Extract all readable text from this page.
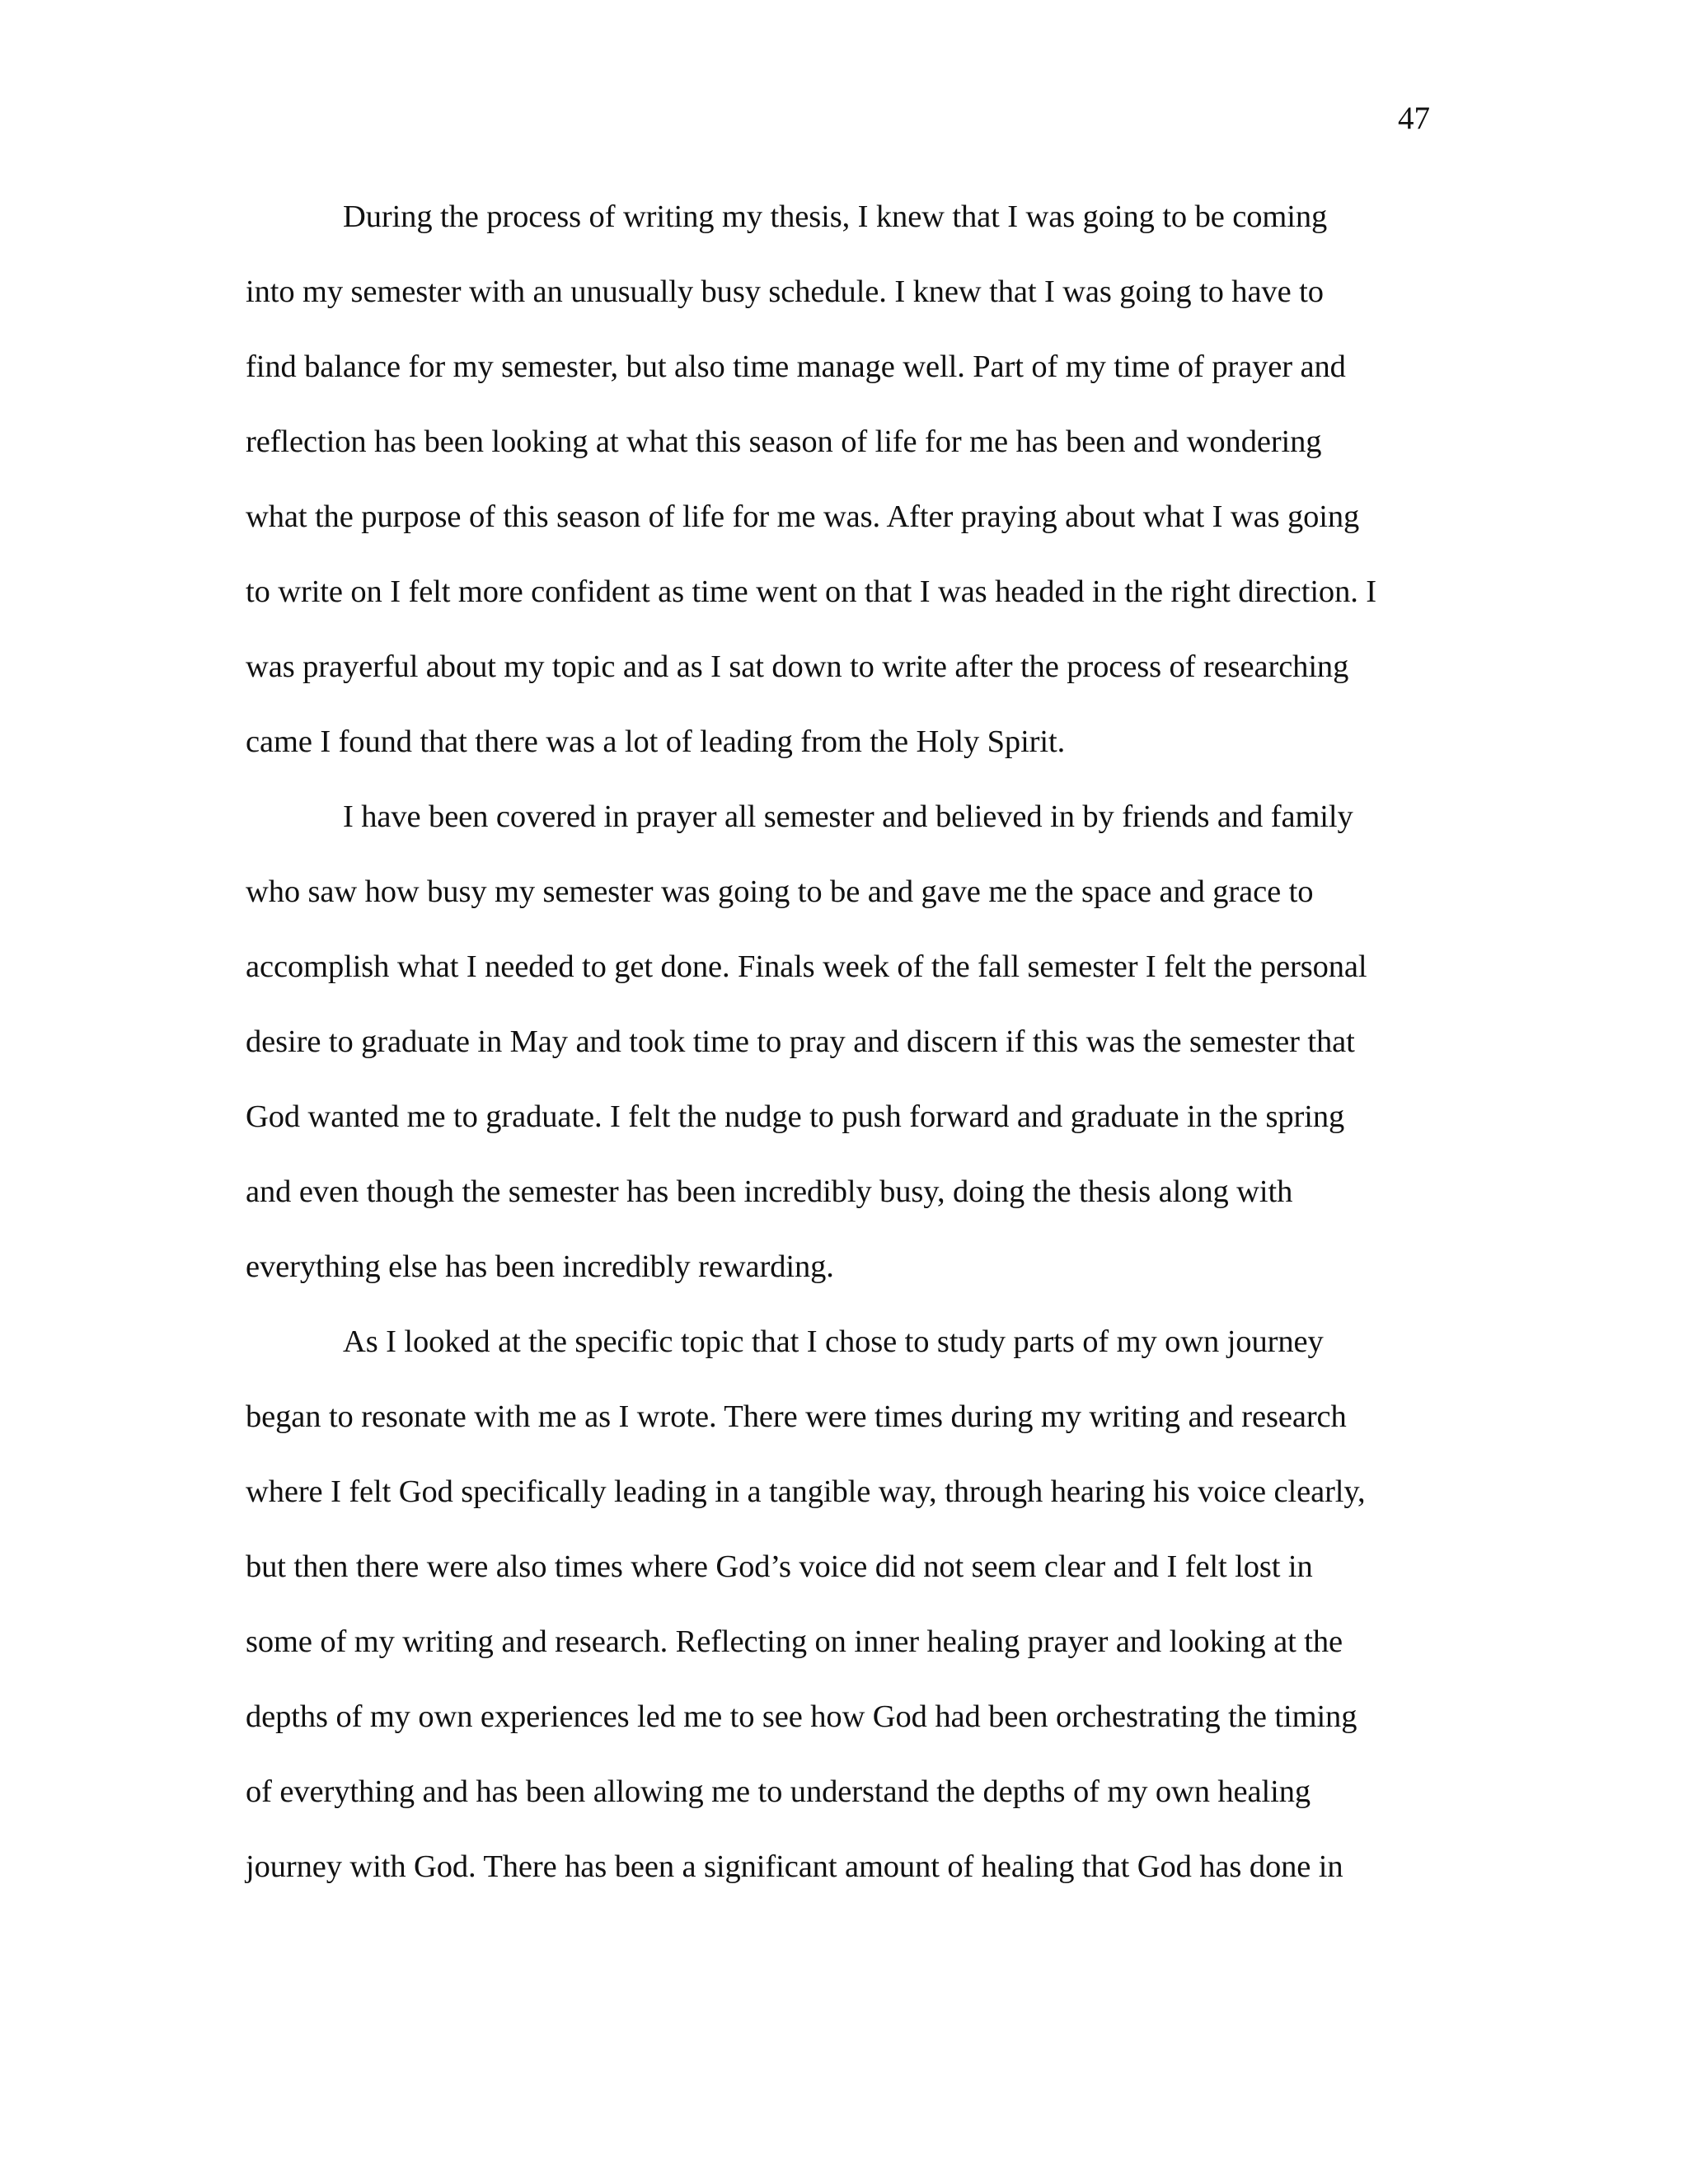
47
During the process of writing my thesis, I knew that I was going to be coming
into my semester with an unusually busy schedule. I knew that I was going to have to
find balance for my semester, but also time manage well. Part of my time of prayer and
reflection has been looking at what this season of life for me has been and wondering
what the purpose of this season of life for me was. After praying about what I was going
to write on I felt more confident as time went on that I was headed in the right direction. I
was prayerful about my topic and as I sat down to write after the process of researching
came I found that there was a lot of leading from the Holy Spirit.
I have been covered in prayer all semester and believed in by friends and family
who saw how busy my semester was going to be and gave me the space and grace to
accomplish what I needed to get done. Finals week of the fall semester I felt the personal
desire to graduate in May and took time to pray and discern if this was the semester that
God wanted me to graduate. I felt the nudge to push forward and graduate in the spring
and even though the semester has been incredibly busy, doing the thesis along with
everything else has been incredibly rewarding.
As I looked at the specific topic that I chose to study parts of my own journey
began to resonate with me as I wrote. There were times during my writing and research
where I felt God specifically leading in a tangible way, through hearing his voice clearly,
but then there were also times where God’s voice did not seem clear and I felt lost in
some of my writing and research. Reflecting on inner healing prayer and looking at the
depths of my own experiences led me to see how God had been orchestrating the timing
of everything and has been allowing me to understand the depths of my own healing
journey with God. There has been a significant amount of healing that God has done in
